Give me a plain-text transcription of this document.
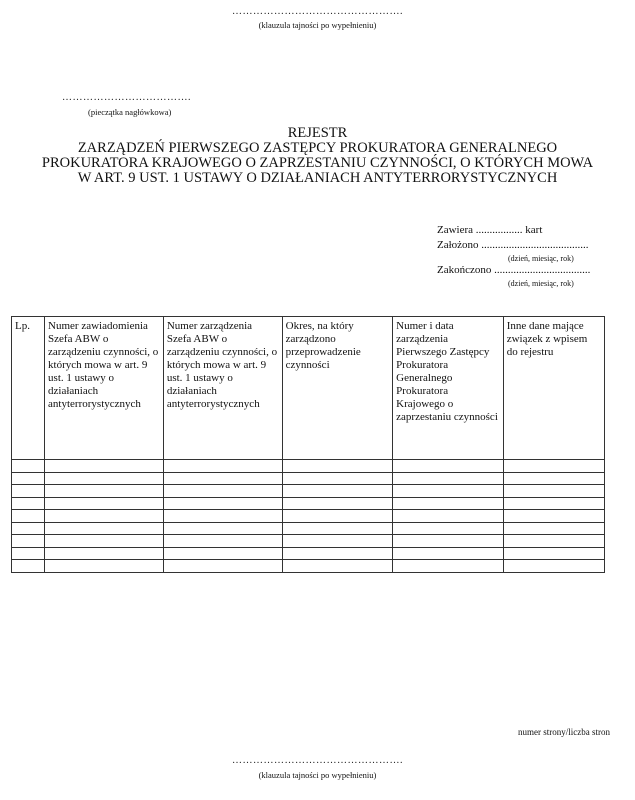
………………………………………….
(klauzula tajności po wypełnieniu)
……………………………….
(pieczątka nagłówkowa)
REJESTR
ZARZĄDZEŃ PIERWSZEGO ZASTĘPCY PROKURATORA GENERALNEGO
PROKURATORA KRAJOWEGO O ZAPRZESTANIU CZYNNOŚCI, O KTÓRYCH MOWA
W ART. 9 UST. 1 USTAWY O DZIAŁANIACH ANTYTERRORYSTYCZNYCH
Zawiera ................. kart
Założono .......................................
(dzień, miesiąc, rok)
Zakończono ...................................
(dzień, miesiąc, rok)
Lp.	Numer zawiadomienia Szefa ABW o zarządzeniu czynności, o których mowa w art. 9 ust. 1 ustawy o działaniach antyterrorystycznych	Numer zarządzenia Szefa ABW o zarządzeniu czynności, o których mowa w art. 9 ust. 1 ustawy o działaniach antyterrorystycznych	Okres, na który zarządzono przeprowadzenie czynności	Numer i data zarządzenia Pierwszego Zastępcy Prokuratora Generalnego Prokuratora Krajowego o zaprzestaniu czynności	Inne dane mające związek z wpisem do rejestru

numer strony/liczba stron
………………………………………….
(klauzula tajności po wypełnieniu)
